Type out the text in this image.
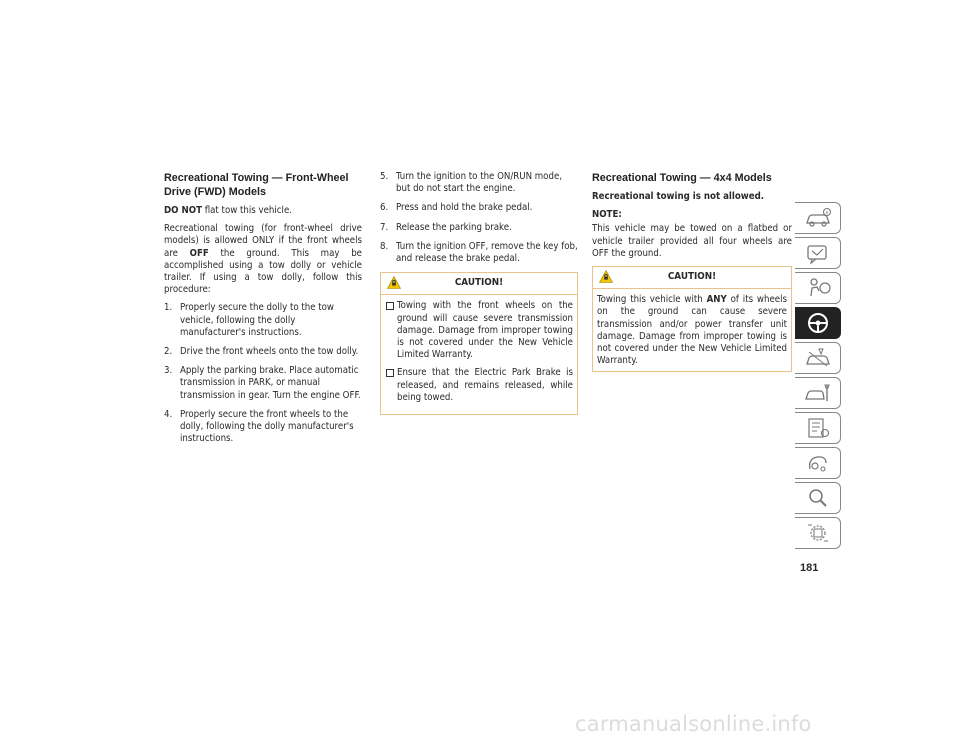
Recreational Towing — Front-Wheel Drive (FWD) Models

DO NOT flat tow this vehicle.

Recreational towing (for front-wheel drive models) is allowed ONLY if the front wheels are OFF the ground. This may be accomplished using a tow dolly or vehicle trailer. If using a tow dolly, follow this procedure:

1. Properly secure the dolly to the tow vehicle, following the dolly manufacturer's instructions.
2. Drive the front wheels onto the tow dolly.
3. Apply the parking brake. Place automatic transmission in PARK, or manual transmission in gear. Turn the engine OFF.
4. Properly secure the front wheels to the dolly, following the dolly manufacturer's instructions.
5. Turn the ignition to the ON/RUN mode, but do not start the engine.
6. Press and hold the brake pedal.
7. Release the parking brake.
8. Turn the ignition OFF, remove the key fob, and release the brake pedal.
CAUTION!
Towing with the front wheels on the ground will cause severe transmission damage. Damage from improper towing is not covered under the New Vehicle Limited Warranty.
Ensure that the Electric Park Brake is released, and remains released, while being towed.
Recreational Towing — 4x4 Models

Recreational towing is not allowed.

NOTE:

This vehicle may be towed on a flatbed or vehicle trailer provided all four wheels are OFF the ground.

CAUTION!

Towing this vehicle with ANY of its wheels on the ground can cause severe transmission and/or power transfer unit damage. Damage from improper towing is not covered under the New Vehicle Limited Warranty.

181
carmanualsonline.info
